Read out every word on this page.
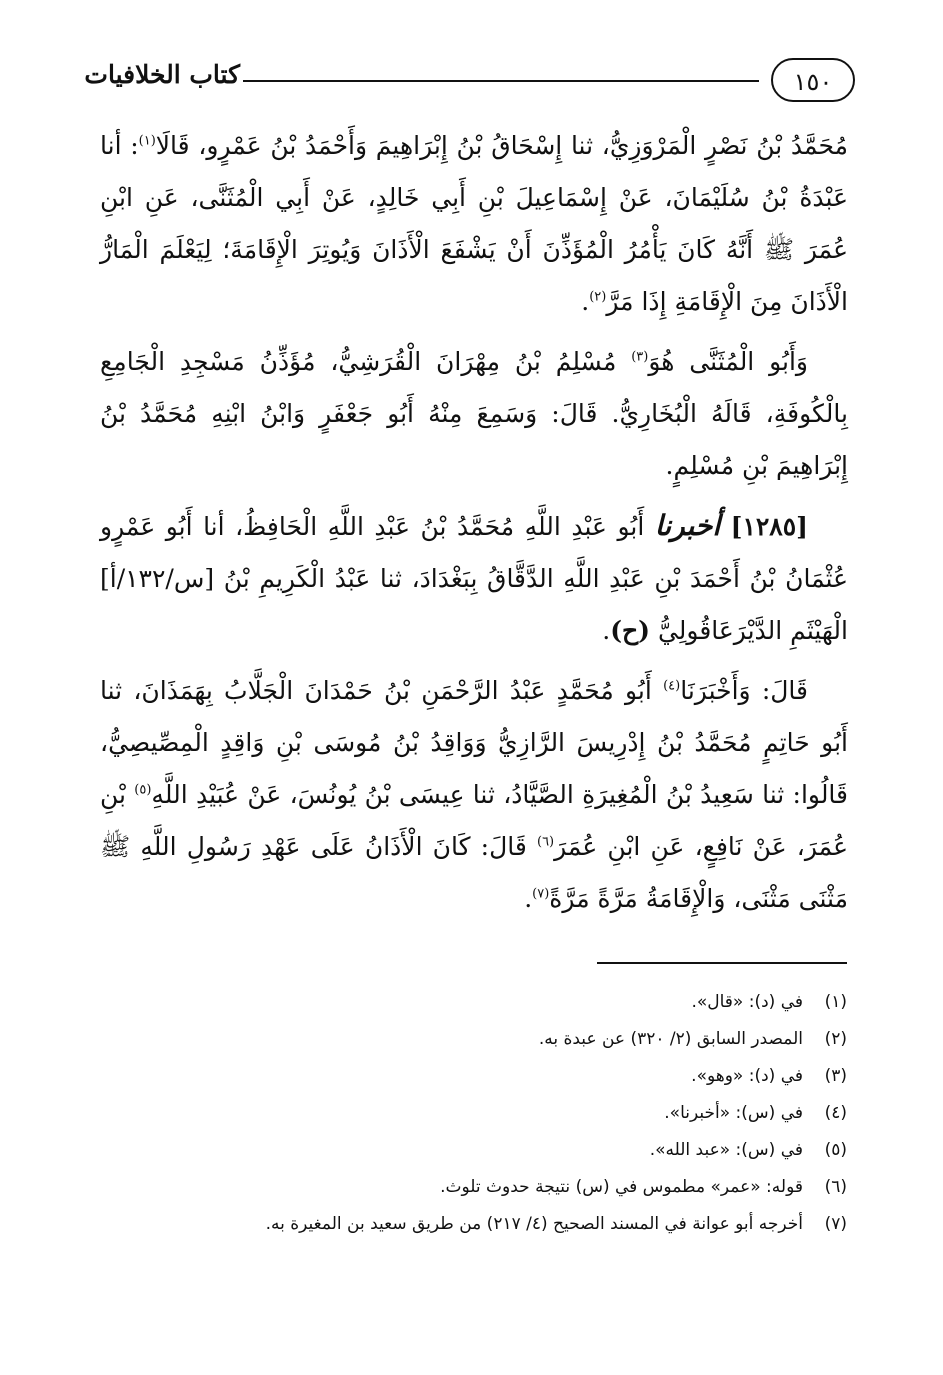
١٥٠
كتاب الخلافيات

مُحَمَّدُ بْنُ نَصْرٍ الْمَرْوَزِيُّ، ثنا إِسْحَاقُ بْنُ إِبْرَاهِيمَ وَأَحْمَدُ بْنُ عَمْرٍو، قَالَا$^{(١)}$: أنا عَبْدَةُ بْنُ سُلَيْمَانَ، عَنْ إِسْمَاعِيلَ بْنِ أَبِي خَالِدٍ، عَنْ أَبِي الْمُثَنَّى، عَنِ ابْنِ عُمَرَ ﷺ أَنَّهُ كَانَ يَأْمُرُ الْمُؤَذِّنَ أَنْ يَشْفَعَ الْأَذَانَ وَيُوتِرَ الْإِقَامَةَ؛ لِيَعْلَمَ الْمَارُّ الْأَذَانَ مِنَ الْإِقَامَةِ إِذَا مَرَّ$^{(٢)}$.

وَأَبُو الْمُثَنَّى هُوَ$^{(٣)}$ مُسْلِمُ بْنُ مِهْرَانَ الْقُرَشِيُّ، مُؤَذِّنُ مَسْجِدِ الْجَامِعِ بِالْكُوفَةِ، قَالَهُ الْبُخَارِيُّ. قَالَ: وَسَمِعَ مِنْهُ أَبُو جَعْفَرٍ وَابْنُ ابْنِهِ مُحَمَّدُ بْنُ إِبْرَاهِيمَ بْنِ مُسْلِمٍ.

[١٢٨٥] أخبرنا أَبُو عَبْدِ اللَّهِ مُحَمَّدُ بْنُ عَبْدِ اللَّهِ الْحَافِظُ، أنا أَبُو عَمْرٍو عُثْمَانُ بْنُ أَحْمَدَ بْنِ عَبْدِ اللَّهِ الدَّقَّاقُ بِبَغْدَادَ، ثنا عَبْدُ الْكَرِيمِ بْنُ [س/١٣٢/أ] الْهَيْثَمِ الدَّيْرَعَاقُولِيُّ (ح).

قَالَ: وَأَخْبَرَنَا$^{(٤)}$ أَبُو مُحَمَّدٍ عَبْدُ الرَّحْمَنِ بْنُ حَمْدَانَ الْجَلَّابُ بِهَمَذَانَ، ثنا أَبُو حَاتِمٍ مُحَمَّدُ بْنُ إِدْرِيسَ الرَّازِيُّ وَوَاقِدُ بْنُ مُوسَى بْنِ وَاقِدٍ الْمِصِّيصِيُّ، قَالُوا: ثنا سَعِيدُ بْنُ الْمُغِيرَةِ الصَّيَّادُ، ثنا عِيسَى بْنُ يُونُسَ، عَنْ عُبَيْدِ اللَّهِ$^{(٥)}$ بْنِ عُمَرَ، عَنْ نَافِعٍ، عَنِ ابْنِ عُمَرَ$^{(٦)}$ قَالَ: كَانَ الْأَذَانُ عَلَى عَهْدِ رَسُولِ اللَّهِ ﷺ مَثْنَى مَثْنَى، وَالْإِقَامَةُ مَرَّةً مَرَّةً$^{(٧)}$.

(١)
في (د): «قال».
(٢)
المصدر السابق (٢/ ٣٢٠) عن عبدة به.
(٣)
في (د): «وهو».
(٤)
في (س): «أخبرنا».
(٥)
في (س): «عبد الله».
(٦)
قوله: «عمر» مطموس في (س) نتيجة حدوث تلوث.
(٧)
أخرجه أبو عوانة في المسند الصحيح (٤/ ٢١٧) من طريق سعيد بن المغيرة به.
